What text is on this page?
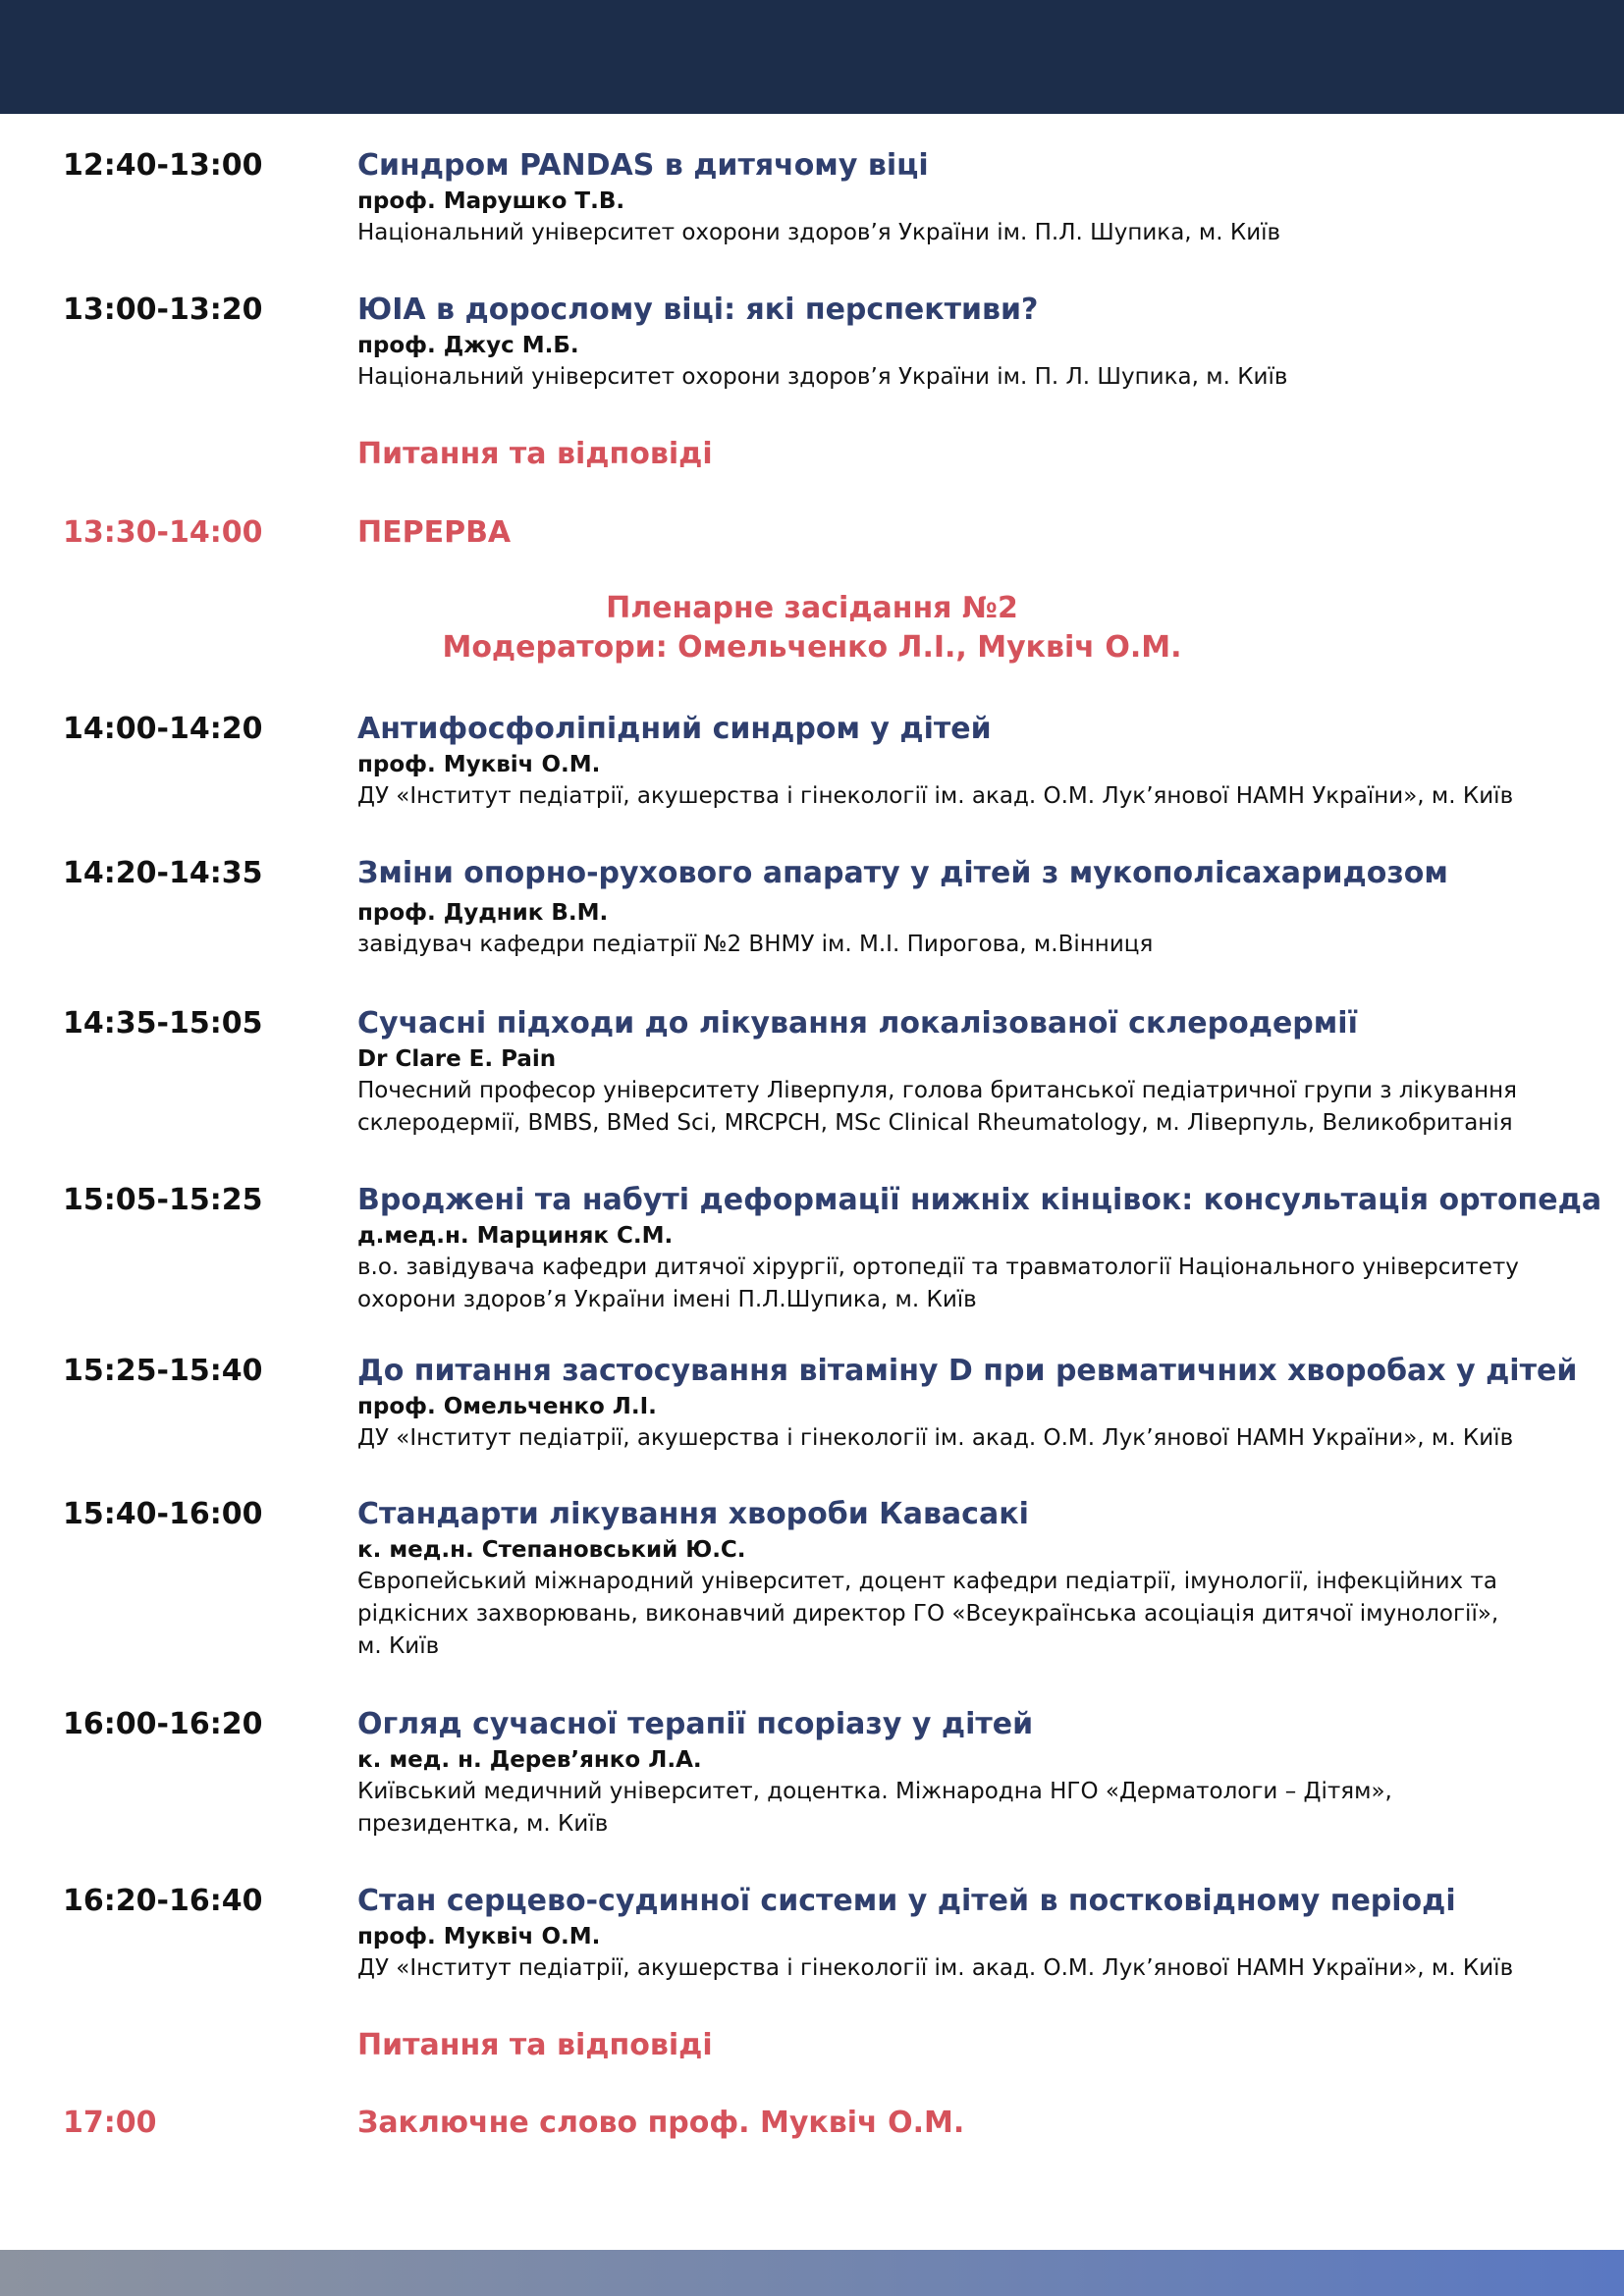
12:40-13:00	Синдром PANDAS в дитячому віці
проф. Марушко Т.В.
Національний університет охорони здоров’я України ім. П.Л. Шупика, м. Київ
13:00-13:20	ЮІА в дорослому віці: які перспективи?
проф. Джус М.Б.
Національний університет охорони здоров’я України ім. П. Л. Шупика, м. Київ
Питання та відповіді
13:30-14:00	ПЕРЕРВА
Пленарне засідання №2
Модератори: Омельченко Л.І., Муквіч О.М.
14:00-14:20	Антифосфоліпідний синдром у дітей
проф. Муквіч О.М.
ДУ «Інститут педіатрії, акушерства і гінекології ім. акад. О.М. Лук’янової НАМН України», м. Київ
14:20-14:35	Зміни опорно-рухового апарату у дітей з мукополісахаридозом
проф. Дудник В.М.
завідувач кафедри педіатрії №2 ВНМУ ім. М.І. Пирогова, м.Вінниця
14:35-15:05	Сучасні підходи до лікування локалізованої склеродермії
Dr Clare E. Pain
Почесний професор університету Ліверпуля, голова британської педіатричної групи з лікування
склеродермії, BMBS, BMed Sci, MRCPCH, MSc Clinical Rheumatology, м. Ліверпуль, Великобританія
15:05-15:25	Вроджені та набуті деформації нижніх кінцівок: консультація ортопеда
д.мед.н. Марциняк С.М.
в.о. завідувача кафедри дитячої хірургії, ортопедії та травматології Національного університету
охорони здоров’я України імені П.Л.Шупика, м. Київ
15:25-15:40	До питання застосування вітаміну D при ревматичних хворобах у дітей
проф. Омельченко Л.І.
ДУ «Інститут педіатрії, акушерства і гінекології ім. акад. О.М. Лук’янової НАМН України», м. Київ
15:40-16:00	Стандарти лікування хвороби Кавасакі
к. мед.н. Степановський Ю.С.
Європейський міжнародний університет, доцент кафедри педіатрії, імунології, інфекційних та
рідкісних захворювань, виконавчий директор ГО «Всеукраїнська асоціація дитячої імунології»,
м. Київ
16:00-16:20	Огляд сучасної терапії псоріазу у дітей
к. мед. н. Дерев’янко Л.А.
Київський медичний університет, доцентка. Міжнародна НГО «Дерматологи – Дітям»,
президентка, м. Київ
16:20-16:40	Стан серцево-судинної системи у дітей в постковідному періоді
проф. Муквіч О.М.
ДУ «Інститут педіатрії, акушерства і гінекології ім. акад. О.М. Лук’янової НАМН України», м. Київ
Питання та відповіді
17:00	Заключне слово проф. Муквіч О.М.
